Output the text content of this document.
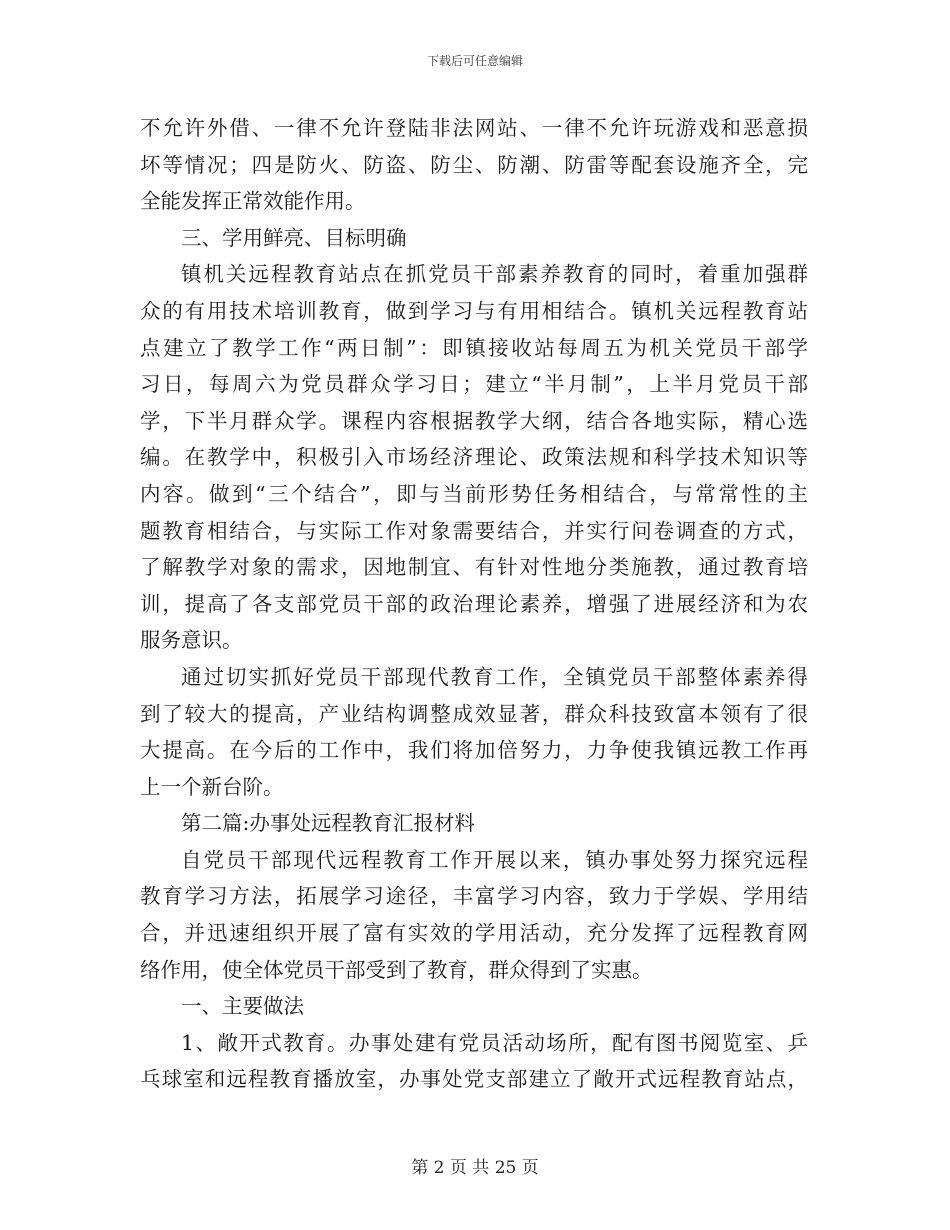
下载后可任意编辑
不允许外借、一律不允许登陆非法网站、一律不允许玩游戏和恶意损
坏等情况；四是防火、防盗、防尘、防潮、防雷等配套设施齐全，完
全能发挥正常效能作用。
三、学用鲜亮、目标明确
镇机关远程教育站点在抓党员干部素养教育的同时，着重加强群
众的有用技术培训教育，做到学习与有用相结合。镇机关远程教育站
点建立了教学工作“两日制”：即镇接收站每周五为机关党员干部学
习日，每周六为党员群众学习日；建立“半月制”，上半月党员干部
学，下半月群众学。课程内容根据教学大纲，结合各地实际，精心选
编。在教学中，积极引入市场经济理论、政策法规和科学技术知识等
内容。做到“三个结合”，即与当前形势任务相结合，与常常性的主
题教育相结合，与实际工作对象需要结合，并实行问卷调查的方式，
了解教学对象的需求，因地制宜、有针对性地分类施教，通过教育培
训，提高了各支部党员干部的政治理论素养，增强了进展经济和为农
服务意识。
通过切实抓好党员干部现代教育工作，全镇党员干部整体素养得
到了较大的提高，产业结构调整成效显著，群众科技致富本领有了很
大提高。在今后的工作中，我们将加倍努力，力争使我镇远教工作再
上一个新台阶。
第二篇:办事处远程教育汇报材料
自党员干部现代远程教育工作开展以来，镇办事处努力探究远程
教育学习方法，拓展学习途径，丰富学习内容，致力于学娱、学用结
合，并迅速组织开展了富有实效的学用活动，充分发挥了远程教育网
络作用，使全体党员干部受到了教育，群众得到了实惠。
一、主要做法
1、敞开式教育。办事处建有党员活动场所，配有图书阅览室、乒
乓球室和远程教育播放室，办事处党支部建立了敞开式远程教育站点，
第 2 页 共 25 页
